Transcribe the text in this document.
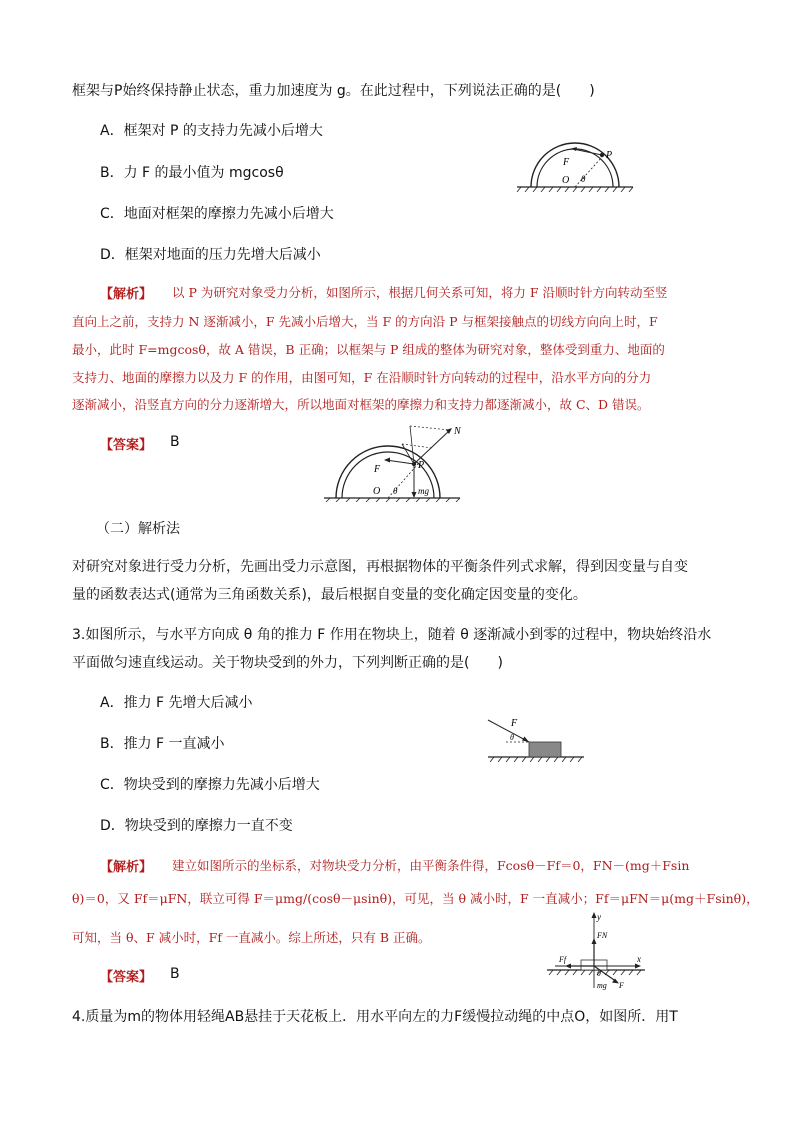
框架与P始终保持静止状态，重力加速度为 g。在此过程中，下列说法正确的是(　　)
A．框架对 P 的支持力先减小后增大
B．力 F 的最小值为 mgcosθ
C．地面对框架的摩擦力先减小后增大
D．框架对地面的压力先增大后减小
F
P
O θ
【解析】 以 P 为研究对象受力分析，如图所示，根据几何关系可知，将力 F 沿顺时针方向转动至竖
直向上之前，支持力 N 逐渐减小，F 先减小后增大，当 F 的方向沿 P 与框架接触点的切线方向向上时，F
最小，此时 F=mgcosθ，故 A 错误，B 正确；以框架与 P 组成的整体为研究对象，整体受到重力、地面的
支持力、地面的摩擦力以及力 F 的作用，由图可知，F 在沿顺时针方向转动的过程中，沿水平方向的分力
逐渐减小，沿竖直方向的分力逐渐增大，所以地面对框架的摩擦力和支持力都逐渐减小，故 C、D 错误。
【答案】 B
N
F	P
O θ mg
（二）解析法
对研究对象进行受力分析，先画出受力示意图，再根据物体的平衡条件列式求解，得到因变量与自变
量的函数表达式(通常为三角函数关系)，最后根据自变量的变化确定因变量的变化。
3.如图所示，与水平方向成 θ 角的推力 F 作用在物块上，随着 θ 逐渐减小到零的过程中，物块始终沿水
平面做匀速直线运动。关于物块受到的外力，下列判断正确的是(　　)
A．推力 F 先增大后减小
B．推力 F 一直减小
C．物块受到的摩擦力先减小后增大
D．物块受到的摩擦力一直不变
F
θ
【解析】 建立如图所示的坐标系，对物块受力分析，由平衡条件得，Fcosθ－Ff＝0，FN－(mg＋Fsin
θ)＝0，又 Ff＝μFN，联立可得 F＝μmg/(cosθ－μsinθ)，可见，当 θ 减小时，F 一直减小；Ff＝μFN＝μ(mg＋Fsinθ)，
可知，当 θ、F 减小时，Ff 一直减小。综上所述，只有 B 正确。
【答案】 B
y
FN
Ff	x
θ
F
mg
4.质量为m的物体用轻绳AB悬挂于天花板上．用水平向左的力F缓慢拉动绳的中点O，如图所．用T
